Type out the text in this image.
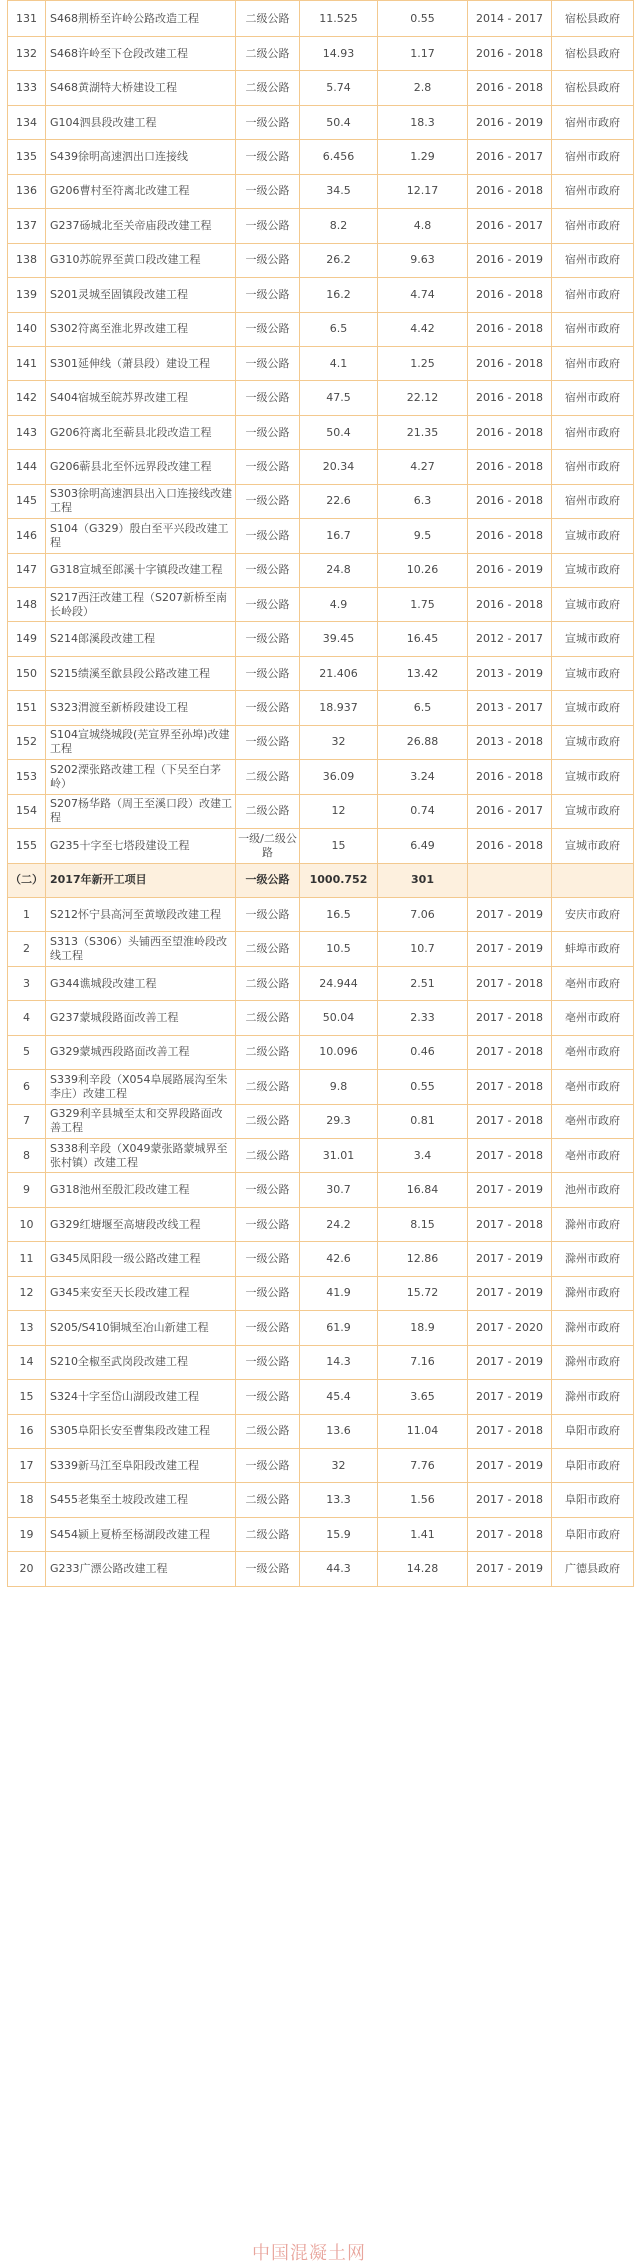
131	S468荆桥至许岭公路改造工程	二级公路	11.525	0.55	2014 - 2017	宿松县政府
132	S468许岭至下仓段改建工程	二级公路	14.93	1.17	2016 - 2018	宿松县政府
133	S468黄湖特大桥建设工程	二级公路	5.74	2.8	2016 - 2018	宿松县政府
134	G104泗县段改建工程	一级公路	50.4	18.3	2016 - 2019	宿州市政府
135	S439徐明高速泗出口连接线	一级公路	6.456	1.29	2016 - 2017	宿州市政府
136	G206曹村至符离北改建工程	一级公路	34.5	12.17	2016 - 2018	宿州市政府
137	G237砀城北至关帝庙段改建工程	一级公路	8.2	4.8	2016 - 2017	宿州市政府
138	G310苏皖界至黄口段改建工程	一级公路	26.2	9.63	2016 - 2019	宿州市政府
139	S201灵城至固镇段改建工程	一级公路	16.2	4.74	2016 - 2018	宿州市政府
140	S302符离至淮北界改建工程	一级公路	6.5	4.42	2016 - 2018	宿州市政府
141	S301延伸线（萧县段）建设工程	一级公路	4.1	1.25	2016 - 2018	宿州市政府
142	S404宿城至皖苏界改建工程	一级公路	47.5	22.12	2016 - 2018	宿州市政府
143	G206符离北至蕲县北段改造工程	一级公路	50.4	21.35	2016 - 2018	宿州市政府
144	G206蕲县北至怀远界段改建工程	一级公路	20.34	4.27	2016 - 2018	宿州市政府
145	S303徐明高速泗县出入口连接线改建工程	一级公路	22.6	6.3	2016 - 2018	宿州市政府
146	S104（G329）殷白至平兴段改建工程	一级公路	16.7	9.5	2016 - 2018	宣城市政府
147	G318宣城至郎溪十字镇段改建工程	一级公路	24.8	10.26	2016 - 2019	宣城市政府
148	S217西汪改建工程（S207新桥至南长岭段）	一级公路	4.9	1.75	2016 - 2018	宣城市政府
149	S214郎溪段改建工程	一级公路	39.45	16.45	2012 - 2017	宣城市政府
150	S215绩溪至歙县段公路改建工程	一级公路	21.406	13.42	2013 - 2019	宣城市政府
151	S323渭渡至新桥段建设工程	一级公路	18.937	6.5	2013 - 2017	宣城市政府
152	S104宣城绕城段(芜宣界至孙埠)改建工程	一级公路	32	26.88	2013 - 2018	宣城市政府
153	S202溧张路改建工程（下吴至白茅岭）	二级公路	36.09	3.24	2016 - 2018	宣城市政府
154	S207杨华路（周王至溪口段）改建工程	二级公路	12	0.74	2016 - 2017	宣城市政府
155	G235十字至七塔段建设工程	一级/二级公路	15	6.49	2016 - 2018	宣城市政府
（二）	2017年新开工项目	一级公路	1000.752	301		
1	S212怀宁县高河至黄墩段改建工程	一级公路	16.5	7.06	2017 - 2019	安庆市政府
2	S313（S306）头铺西至望淮岭段改线工程	二级公路	10.5	10.7	2017 - 2019	蚌埠市政府
3	G344谯城段改建工程	二级公路	24.944	2.51	2017 - 2018	亳州市政府
4	G237蒙城段路面改善工程	二级公路	50.04	2.33	2017 - 2018	亳州市政府
5	G329蒙城西段路面改善工程	二级公路	10.096	0.46	2017 - 2018	亳州市政府
6	S339利辛段（X054阜展路展沟至朱李庄）改建工程	二级公路	9.8	0.55	2017 - 2018	亳州市政府
7	G329利辛县城至太和交界段路面改善工程	二级公路	29.3	0.81	2017 - 2018	亳州市政府
8	S338利辛段（X049蒙张路蒙城界至张村镇）改建工程	二级公路	31.01	3.4	2017 - 2018	亳州市政府
9	G318池州至殷汇段改建工程	一级公路	30.7	16.84	2017 - 2019	池州市政府
10	G329红塘堰至高塘段改线工程	一级公路	24.2	8.15	2017 - 2018	滁州市政府
11	G345凤阳段一级公路改建工程	一级公路	42.6	12.86	2017 - 2019	滁州市政府
12	G345来安至天长段改建工程	一级公路	41.9	15.72	2017 - 2019	滁州市政府
13	S205/S410铜城至冶山新建工程	一级公路	61.9	18.9	2017 - 2020	滁州市政府
14	S210全椒至武岗段改建工程	一级公路	14.3	7.16	2017 - 2019	滁州市政府
15	S324十字至岱山湖段改建工程	一级公路	45.4	3.65	2017 - 2019	滁州市政府
16	S305阜阳长安至曹集段改建工程	二级公路	13.6	11.04	2017 - 2018	阜阳市政府
17	S339新马江至阜阳段改建工程	一级公路	32	7.76	2017 - 2019	阜阳市政府
18	S455老集至土坡段改建工程	二级公路	13.3	1.56	2017 - 2018	阜阳市政府
19	S454颍上夏桥至杨湖段改建工程	二级公路	15.9	1.41	2017 - 2018	阜阳市政府
20	G233广漂公路改建工程	一级公路	44.3	14.28	2017 - 2019	广德县政府
中国混凝土网
